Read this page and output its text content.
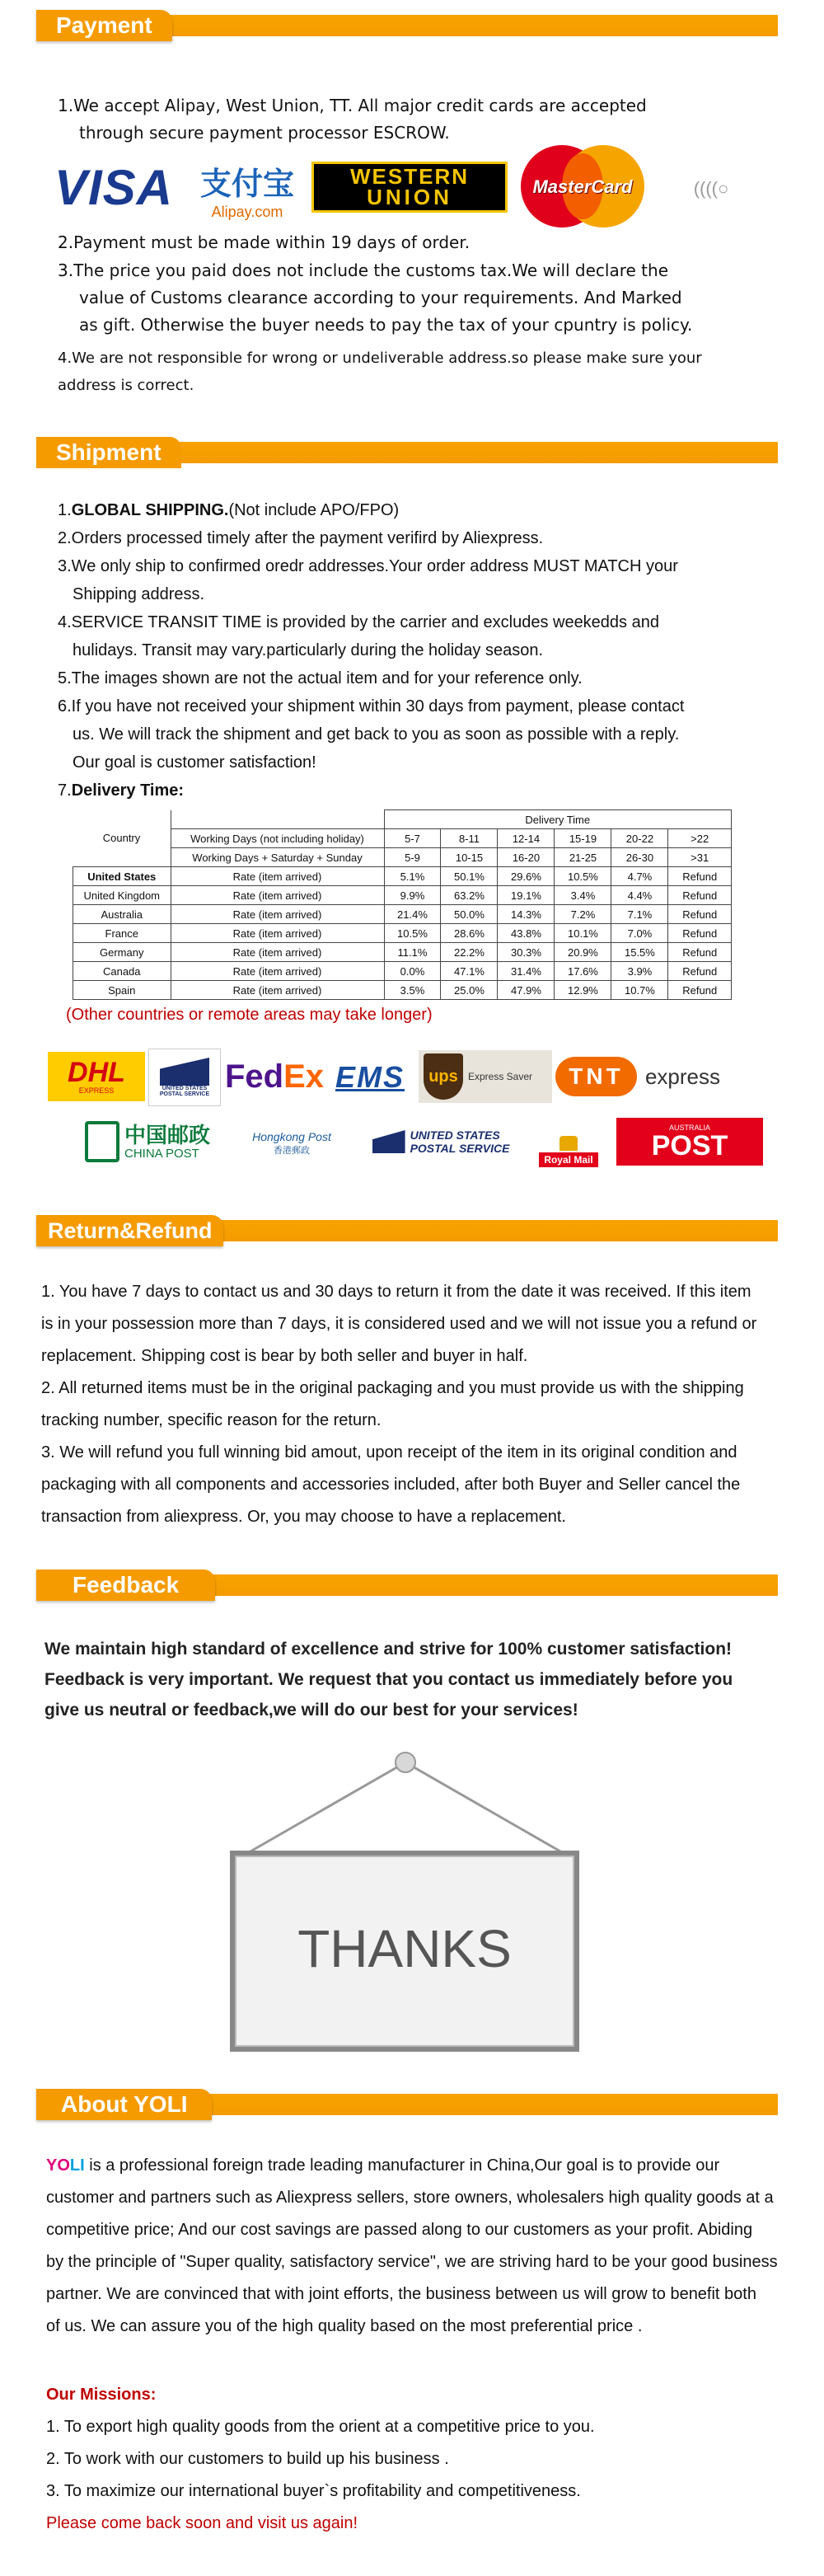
Payment
1.We accept Alipay, West Union, TT. All major credit cards are accepted
through secure payment processor ESCROW.
VISA 支付宝
Alipay.com
WESTERN
UNION	MasterCard	((((○
2.Payment must be made within 19 days of order.
3.The price you paid does not include the customs tax.We will declare the
value of Customs clearance according to your requirements. And Marked
as gift. Otherwise the buyer needs to pay the tax of your cpuntry is policy.
4.We are not responsible for wrong or undeliverable address.so please make sure your
address is correct.
Shipment
1.GLOBAL SHIPPING.(Not include APO/FPO)
2.Orders processed timely after the payment verifird by Aliexpress.
3.We only ship to confirmed oredr addresses.Your order address MUST MATCH your
Shipping address.
4.SERVICE TRANSIT TIME is provided by the carrier and excludes weekedds and
hulidays. Transit may vary.particularly during the holiday season.
5.The images shown are not the actual item and for your reference only.
6.If you have not received your shipment within 30 days from payment, please contact
us. We will track the shipment and get back to you as soon as possible with a reply.
Our goal is customer satisfaction!
7.Delivery Time:
Country		Delivery Time					
	Working Days (not including holiday)	5-7	8-11	12-14	15-19	20-22	>22
	Working Days + Saturday + Sunday	5-9	10-15	16-20	21-25	26-30	>31
United States	Rate (item arrived)	5.1%	50.1%	29.6%	10.5%	4.7%	Refund
United Kingdom	Rate (item arrived)	9.9%	63.2%	19.1%	3.4%	4.4%	Refund
Australia	Rate (item arrived)	21.4%	50.0%	14.3%	7.2%	7.1%	Refund
France	Rate (item arrived)	10.5%	28.6%	43.8%	10.1%	7.0%	Refund
Germany	Rate (item arrived)	11.1%	22.2%	30.3%	20.9%	15.5%	Refund
Canada	Rate (item arrived)	0.0%	47.1%	31.4%	17.6%	3.9%	Refund
Spain	Rate (item arrived)	3.5%	25.0%	47.9%	12.9%	10.7%	Refund
(Other countries or remote areas may take longer)
DHL
EXPRESS	UNITED STATES
POSTAL SERVICE Fed Ex EMS	ups	Express Saver	TNT	express
中国邮政
CHINA POST
Hongkong Post
香港郵政
UNITED STATES
POSTAL SERVICE
Royal Mail
AUSTRALIA
POST
Return&Refund
1. You have 7 days to contact us and 30 days to return it from the date it was received. If this item
is in your possession more than 7 days, it is considered used and we will not issue you a refund or
replacement. Shipping cost is bear by both seller and buyer in half.
2. All returned items must be in the original packaging and you must provide us with the shipping
tracking number, specific reason for the return.
3. We will refund you full winning bid amout, upon receipt of the item in its original condition and
packaging with all components and accessories included, after both Buyer and Seller cancel the
transaction from aliexpress. Or, you may choose to have a replacement.
Feedback
We maintain high standard of excellence and strive for 100% customer satisfaction!
Feedback is very important. We request that you contact us immediately before you
give us neutral or feedback,we will do our best for your services!
THANKS
About YOLI
YOLI is a professional foreign trade leading manufacturer in China,Our goal is to provide our
customer and partners such as Aliexpress sellers, store owners, wholesalers high quality goods at a
competitive price; And our cost savings are passed along to our customers as your profit. Abiding
by the principle of "Super quality, satisfactory service", we are striving hard to be your good business
partner. We are convinced that with joint efforts, the business between us will grow to benefit both
of us. We can assure you of the high quality based on the most preferential price .
Our Missions:
1. To export high quality goods from the orient at a competitive price to you.
2. To work with our customers to build up his business .
3. To maximize our international buyer`s profitability and competitiveness.
Please come back soon and visit us again!
